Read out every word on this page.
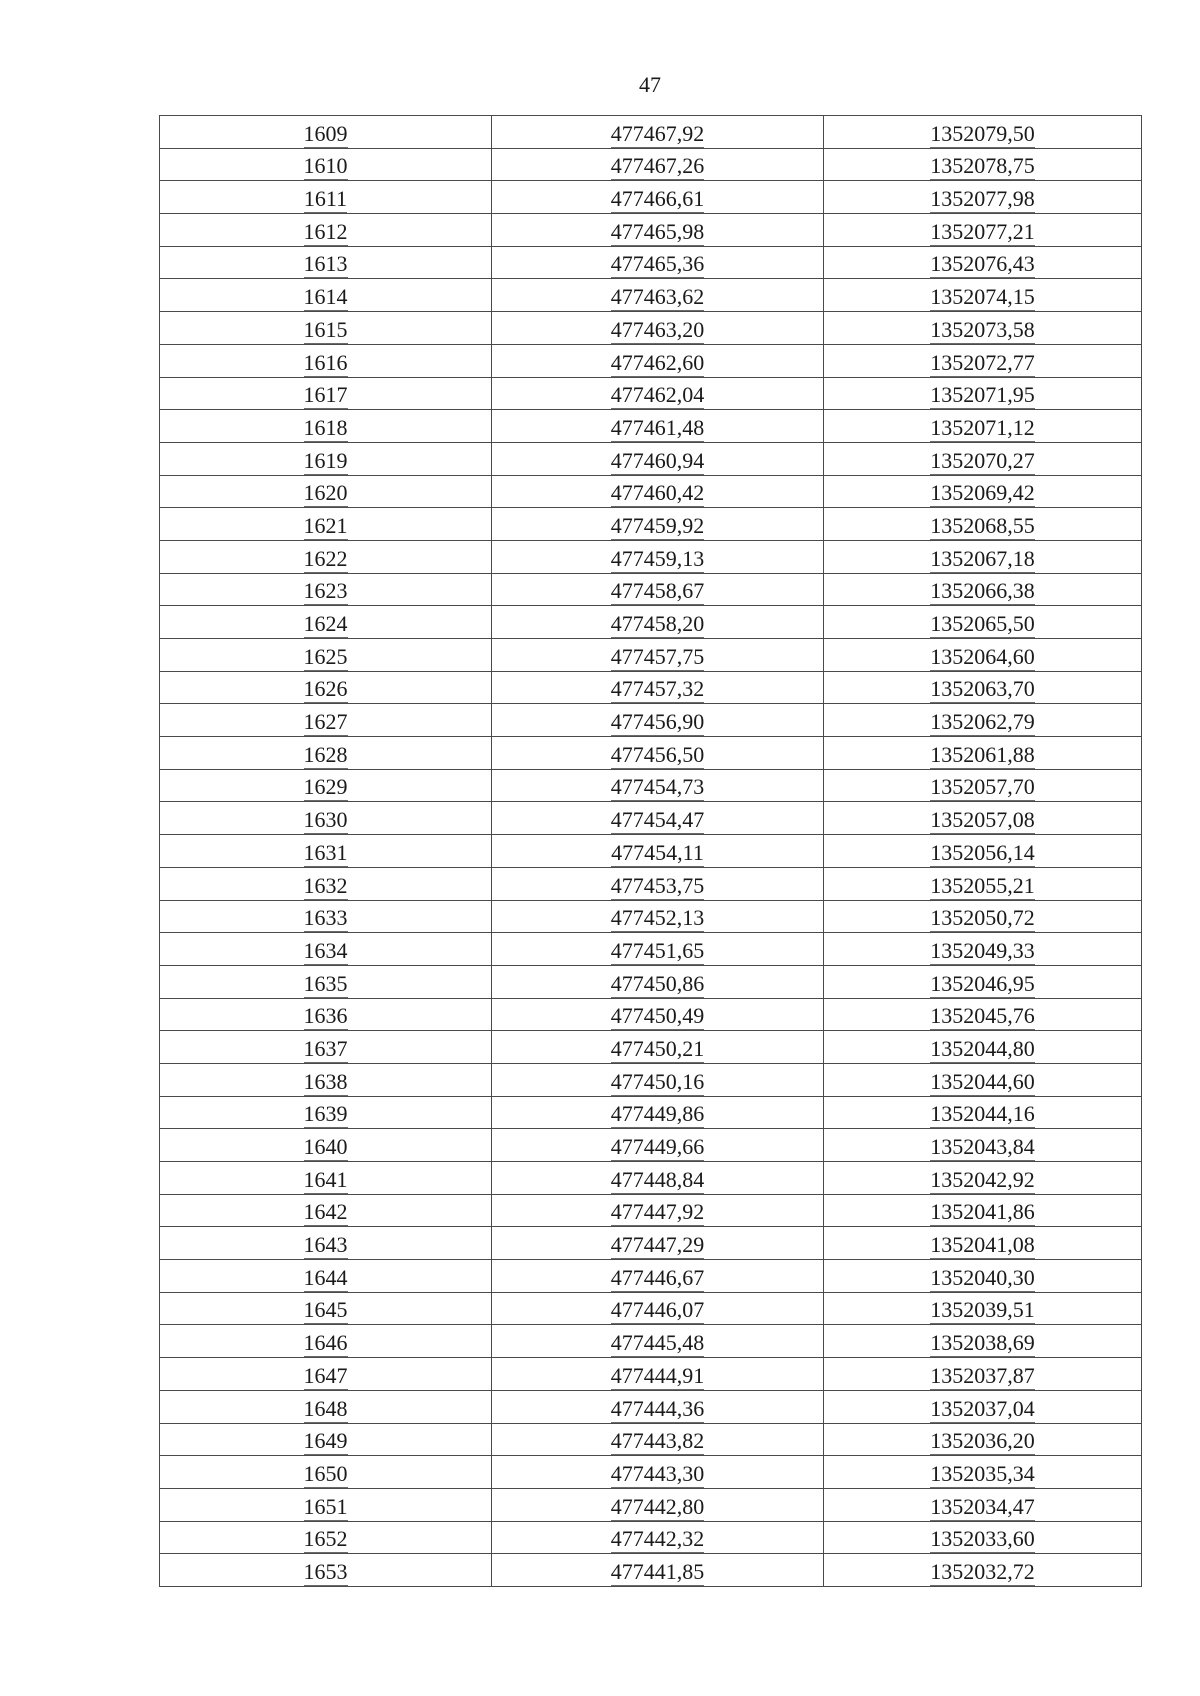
47
1609	477467,92	1352079,50
1610	477467,26	1352078,75
1611	477466,61	1352077,98
1612	477465,98	1352077,21
1613	477465,36	1352076,43
1614	477463,62	1352074,15
1615	477463,20	1352073,58
1616	477462,60	1352072,77
1617	477462,04	1352071,95
1618	477461,48	1352071,12
1619	477460,94	1352070,27
1620	477460,42	1352069,42
1621	477459,92	1352068,55
1622	477459,13	1352067,18
1623	477458,67	1352066,38
1624	477458,20	1352065,50
1625	477457,75	1352064,60
1626	477457,32	1352063,70
1627	477456,90	1352062,79
1628	477456,50	1352061,88
1629	477454,73	1352057,70
1630	477454,47	1352057,08
1631	477454,11	1352056,14
1632	477453,75	1352055,21
1633	477452,13	1352050,72
1634	477451,65	1352049,33
1635	477450,86	1352046,95
1636	477450,49	1352045,76
1637	477450,21	1352044,80
1638	477450,16	1352044,60
1639	477449,86	1352044,16
1640	477449,66	1352043,84
1641	477448,84	1352042,92
1642	477447,92	1352041,86
1643	477447,29	1352041,08
1644	477446,67	1352040,30
1645	477446,07	1352039,51
1646	477445,48	1352038,69
1647	477444,91	1352037,87
1648	477444,36	1352037,04
1649	477443,82	1352036,20
1650	477443,30	1352035,34
1651	477442,80	1352034,47
1652	477442,32	1352033,60
1653	477441,85	1352032,72
